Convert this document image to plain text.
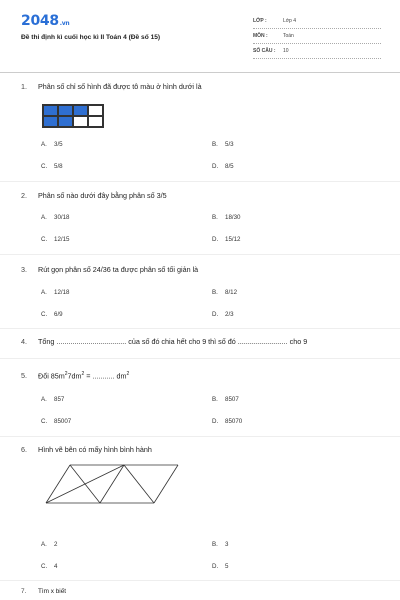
2048.vn
Đề thi định kì cuối học kì II Toán 4 (Đề số 15)
LỚP :	Lớp 4
MÔN :	Toán
SỐ CÂU :	10
1. Phân số chỉ số hình đã được tô màu ở hình dưới là
A. 3/5	B. 5/3
C. 5/8	D. 8/5
2. Phân số nào dưới đây bằng phân số 3/5
A. 30/18	B. 18/30
C. 12/15	D. 15/12
3. Rút gọn phân số 24/36 ta được phân số tối giản là
A. 12/18	B. 8/12
C. 6/9	D. 2/3
4. Tổng ................................... của số đó chia hết cho 9 thì số đó ......................... cho 9
5. Đổi $85m^27dm^2$ = ........... $dm^2$
A. 857	B. 8507
C. 85007	D. 85070
6. Hình vẽ bên có mấy hình bình hành
A. 2	B. 3
C. 4	D. 5
7. Tìm x biết
